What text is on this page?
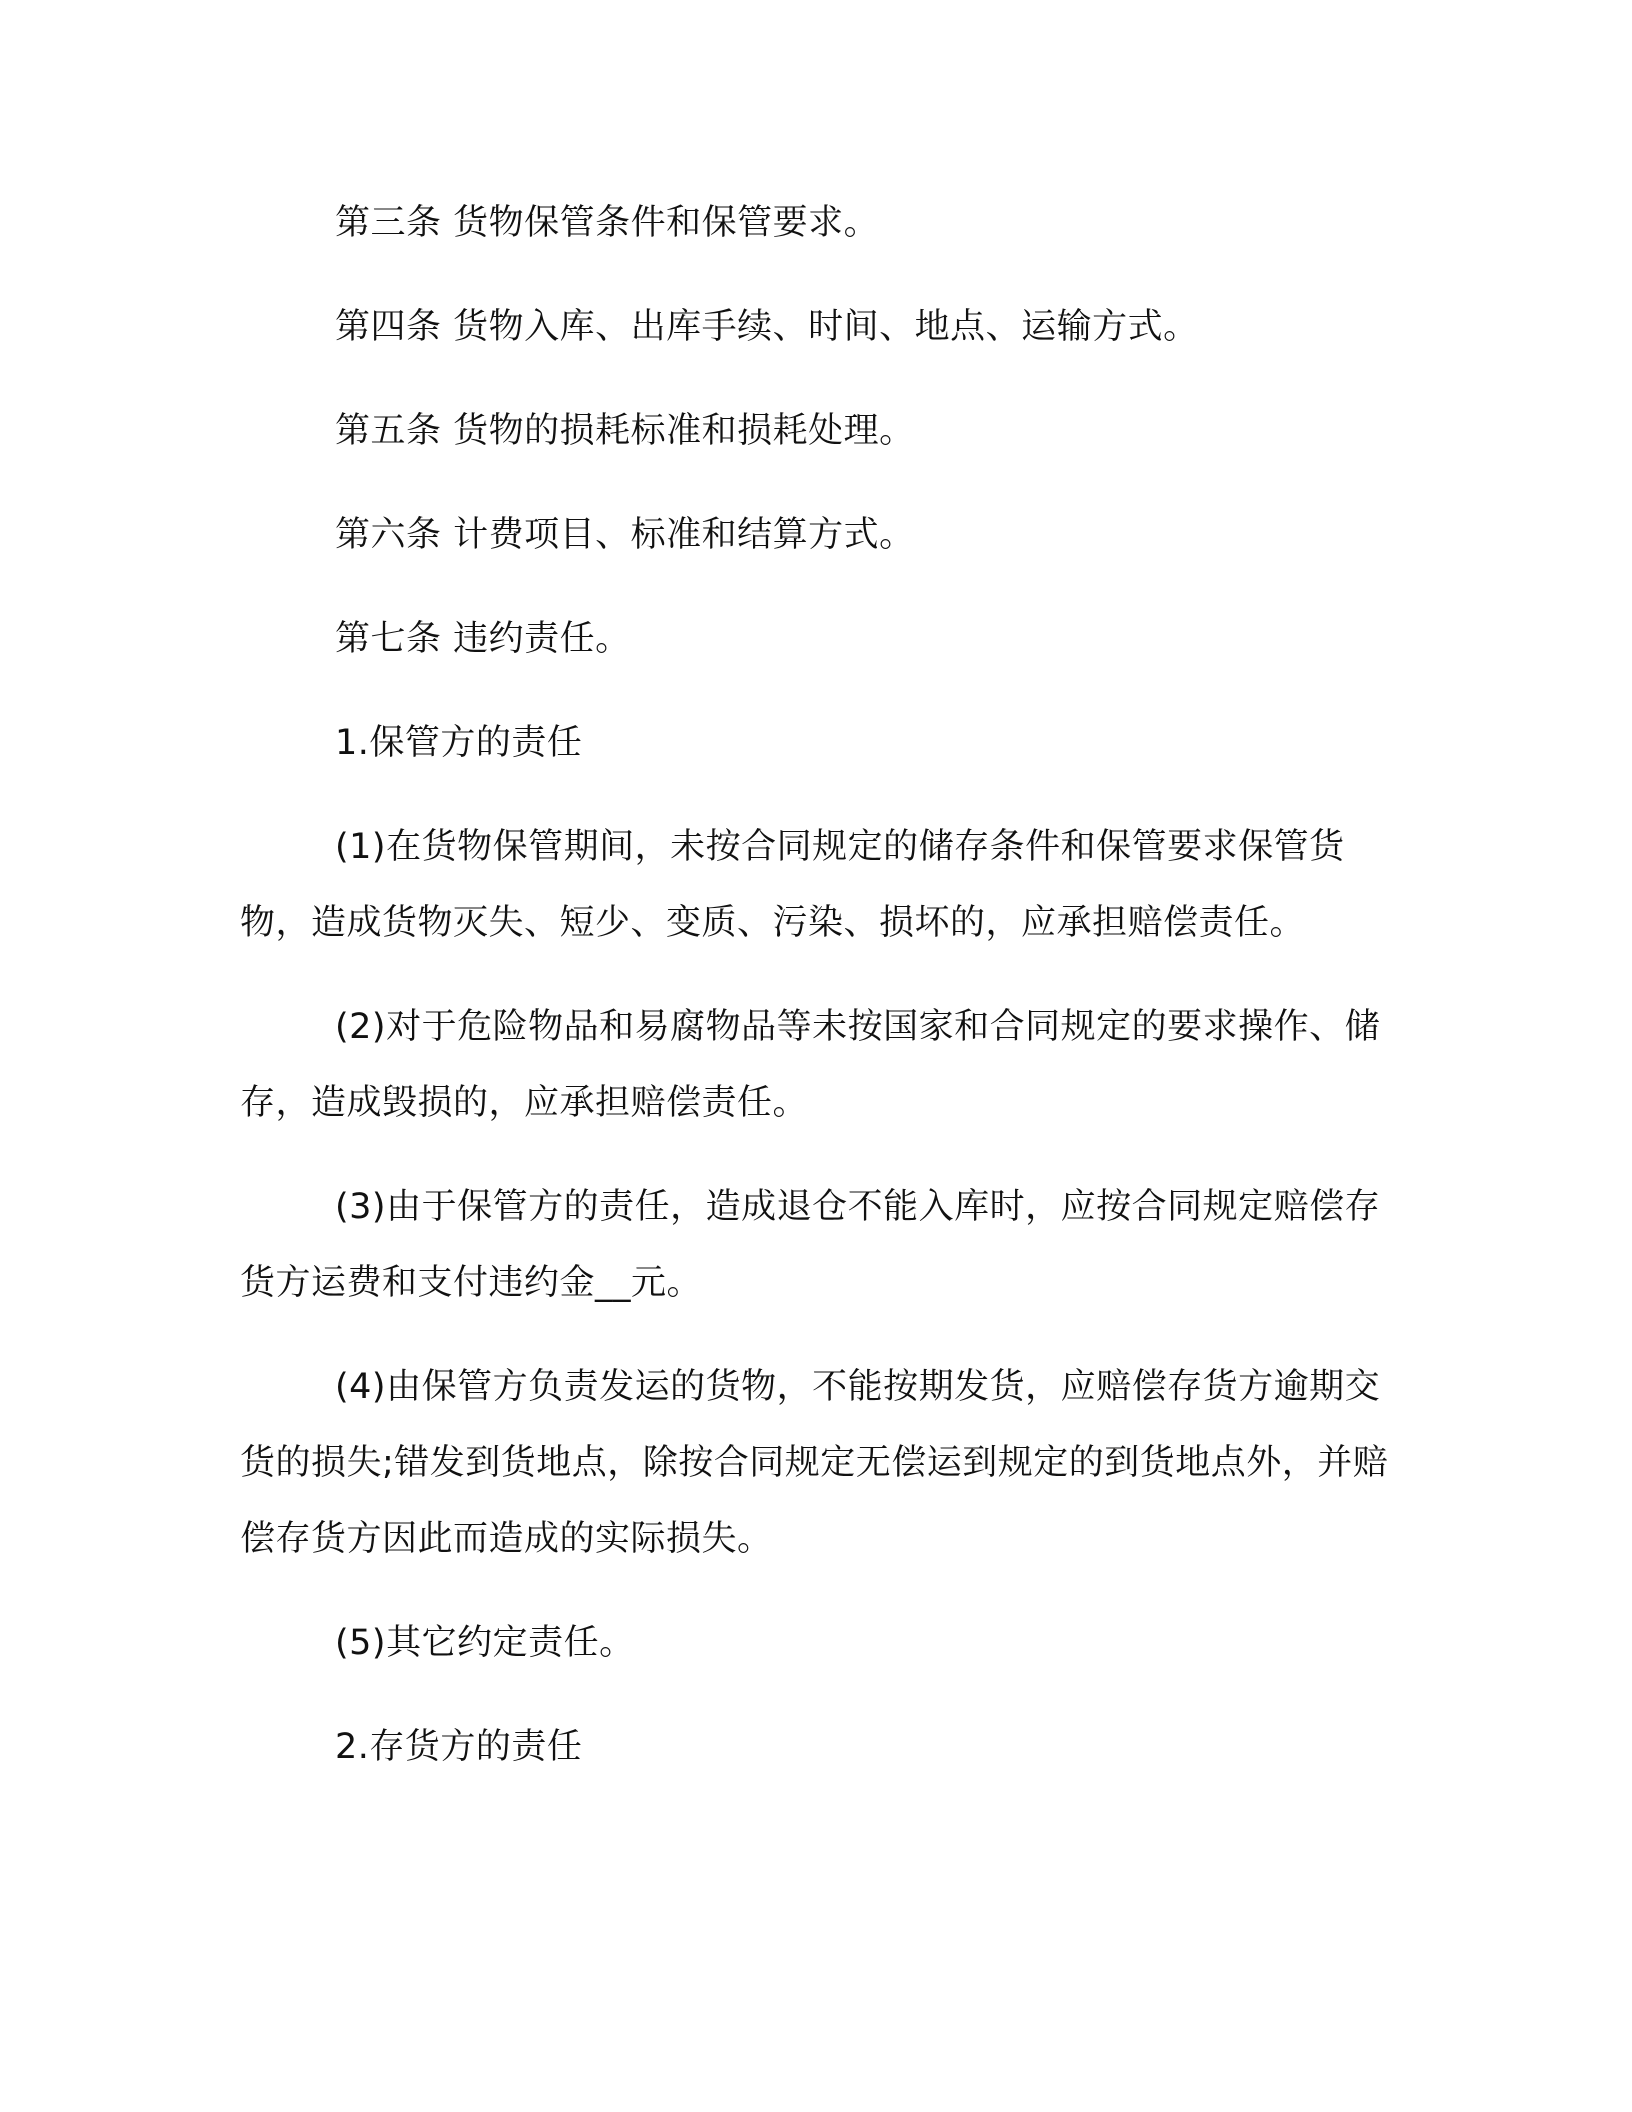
第三条 货物保管条件和保管要求。

第四条 货物入库、出库手续、时间、地点、运输方式。

第五条 货物的损耗标准和损耗处理。

第六条 计费项目、标准和结算方式。

第七条 违约责任。

1.保管方的责任

(1)在货物保管期间，未按合同规定的储存条件和保管要求保管货物，造成货物灭失、短少、变质、污染、损坏的，应承担赔偿责任。

(2)对于危险物品和易腐物品等未按国家和合同规定的要求操作、储存，造成毁损的，应承担赔偿责任。

(3)由于保管方的责任，造成退仓不能入库时，应按合同规定赔偿存货方运费和支付违约金__元。

(4)由保管方负责发运的货物，不能按期发货，应赔偿存货方逾期交货的损失;错发到货地点，除按合同规定无偿运到规定的到货地点外，并赔偿存货方因此而造成的实际损失。

(5)其它约定责任。

2.存货方的责任
